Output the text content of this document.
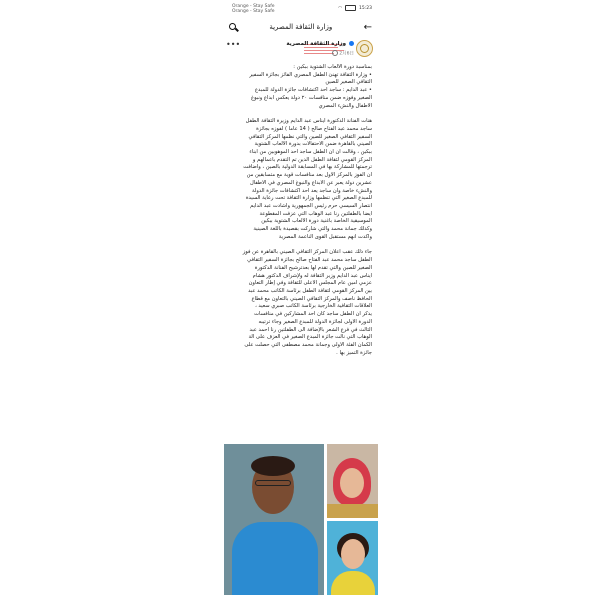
Orange - Stay Safe
Orange - Stay Safe
◠	15:23
وزارة الثقافة المصرية	←
•••	وزارة الثقافة المصرية
2月6日

بمناسبة دورة الألعاب الشتوية ببكين :
• وزارة الثقافة تهنئ الطفل المصري الفائز بجائزة السفير
الثقافي الصغير للصين
• عبد الدايم : ساجد أحد اكتشافات جائزة الدولة للمبدع
الصغير وفوزه ضمن منافسات ٢٠ دولة يعكس ابداع ونبوغ
الاطفال والنشء المصري

هنأت الفنانة الدكتورة ايناس عبد الدايم وزيرة الثقافة الطفل
ساجد محمد عبد الفتاح صالح ( 14 عاما ) لفوزه بجائزة
السفير الثقافي الصغير للصين والتي نظمها المركز الثقافي
الصيني بالقاهرة ضمن الاحتفالات بدورة الألعاب الشتوية
ببكين ، وقالت ان ان الطفل ساجد احد الموهوبين من ابناء
المركز القومي لثقافة الطفل الذين تم التقدم بأعمالهم و
ترجمتها للمشاركة بها في المسابقة الدولية بالصين ، وأضافت
ان الفوز بالمركز الاول بعد منافسات قوية مع متسابقين من
عشرين دولة يعبر عن الابداع والنبوغ المصري في الاطفال
والنشء خاصة وان ساجد يعد احد اكتشافات جائزة الدولة
للمبدع الصغير التي تنظمها وزارة الثقافة تحت رعاية السيدة
انتصار السيسي حرم رئيس الجمهورية واشادت عبد الدايم
أيضا بالطفلتين رنا عبد الوهاب التي عزفت المقطوعة
الموسيقية الخاصة بأغنية دورة الألعاب الشتوية ببكين
وكذلك جمانة محمد والتي شاركت بقصيدة باللغة الصينية
واكدت انهم مستقبل القوى الناعمة المصرية

جاء ذلك عقب اعلان المركز الثقافي الصيني بالقاهرة عن فوز
الطفل ساجد محمد عبد الفتاح صالح بجائزة السفير الثقافي
الصغير للصين والتي تقدم لها بعدترشيح الفنانة الدكتورة
ايناس عبد الدايم وزير الثقافة له ولإشراف الدكتور هشام
عزمي أمين عام المجلس الأعلى للثقافة وفي إطار التعاون
بين المركز القومي لثقافة الطفل برئاسة الكاتب محمد عبد
الحافظ ناصف والمركز الثقافي الصيني بالتعاون مع قطاع
العلاقات الثقافية الخارجية برئاسة الكاتب صبري سعيد ،
يذكر ان الطفل ساجد كان احد المشاركين في منافسات
الدورة الاولى لجائزة الدولة للمبدع الصغير وجاء ترتيبه
الثالث في فرع الشعر بالإضافة الى الطفلتين رنا أحمد عبد
الوهاب التي نالت جائزة المبدع الصغير في العزف على آلة
الكمان الفئة الأولى وجمانة محمد مصطفى التي حصلت على
جائزة التميز بها .
